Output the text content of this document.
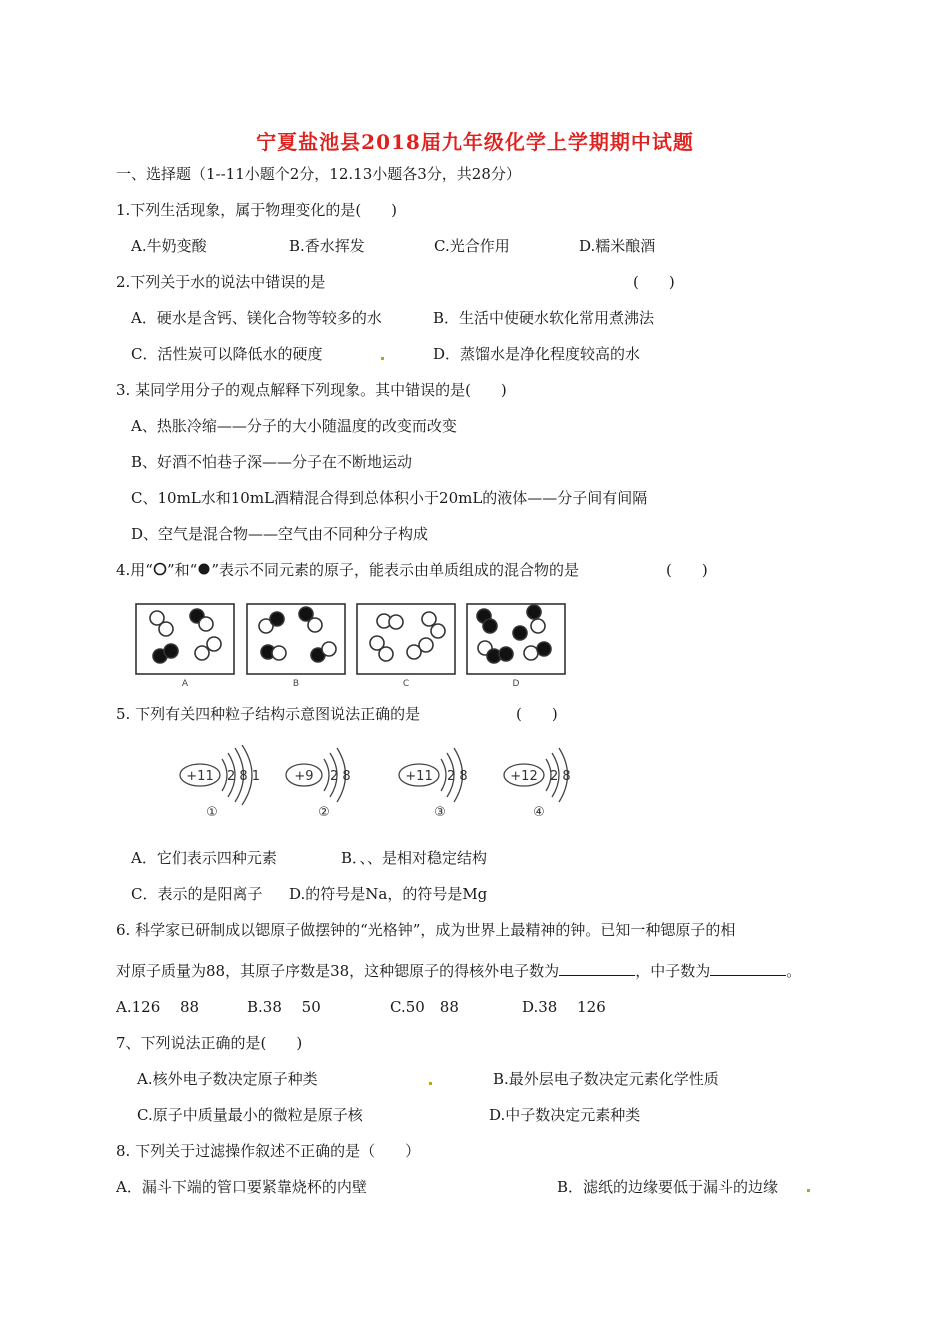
宁夏盐池县2018届九年级化学上学期期中试题
一、选择题（1--11小题个2分，12.13小题各3分，共28分）
1.下列生活现象，属于物理变化的是(　　)
A.牛奶变酸	B.香水挥发	C.光合作用	D.糯米酿酒
2.下列关于水的说法中错误的是	(　　)
A．硬水是含钙、镁化合物等较多的水	B．生活中使硬水软化常用煮沸法
C．活性炭可以降低水的硬度	D．蒸馏水是净化程度较高的水
3. 某同学用分子的观点解释下列现象。其中错误的是(　　)
A、热胀冷缩——分子的大小随温度的改变而改变
B、好酒不怕巷子深——分子在不断地运动
C、10mL水和10mL酒精混合得到总体积小于20mL的液体——分子间有间隔
D、空气是混合物——空气由不同种分子构成
4.用“ ”和“ ”表示不同元素的原子，能表示由单质组成的混合物的是	(　　)
A	B	C	D
5. 下列有关四种粒子结构示意图说法正确的是	(　　)
+11 2 8 1	+9 2 8	+11 2 8	+12 2 8
①	②	③	④
A．它们表示四种元素	B．、、是相对稳定结构
C．表示的是阳离子 D.的符号是Na，的符号是Mg
6. 科学家已研制成以锶原子做摆钟的“光格钟”，成为世界上最精神的钟。已知一种锶原子的相
对原子质量为88，其原子序数是38，这种锶原子的得核外电子数为	，中子数为	。
A.126　 88	B.38　 50	C.50　88	D.38　 126
7、下列说法正确的是(　　)
A.核外电子数决定原子种类	B.最外层电子数决定元素化学性质
C.原子中质量最小的微粒是原子核	D.中子数决定元素种类
8. 下列关于过滤操作叙述不正确的是（　　）
A．漏斗下端的管口要紧靠烧杯的内壁	B．滤纸的边缘要低于漏斗的边缘
